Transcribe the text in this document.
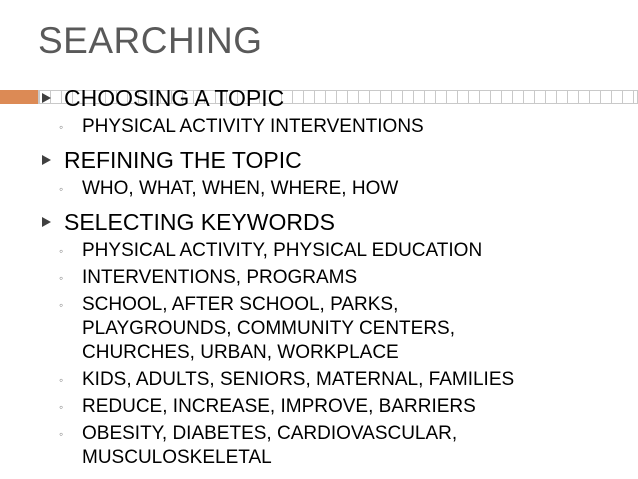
SEARCHING
CHOOSING A TOPIC
◦ PHYSICAL ACTIVITY INTERVENTIONS
REFINING THE TOPIC
◦ WHO, WHAT, WHEN, WHERE, HOW
SELECTING KEYWORDS
◦ PHYSICAL ACTIVITY, PHYSICAL EDUCATION
◦ INTERVENTIONS, PROGRAMS
◦ SCHOOL, AFTER SCHOOL, PARKS, PLAYGROUNDS, COMMUNITY CENTERS, CHURCHES, URBAN, WORKPLACE
◦ KIDS, ADULTS, SENIORS, MATERNAL, FAMILIES
◦ REDUCE, INCREASE, IMPROVE, BARRIERS
◦ OBESITY, DIABETES, CARDIOVASCULAR, MUSCULOSKELETAL
